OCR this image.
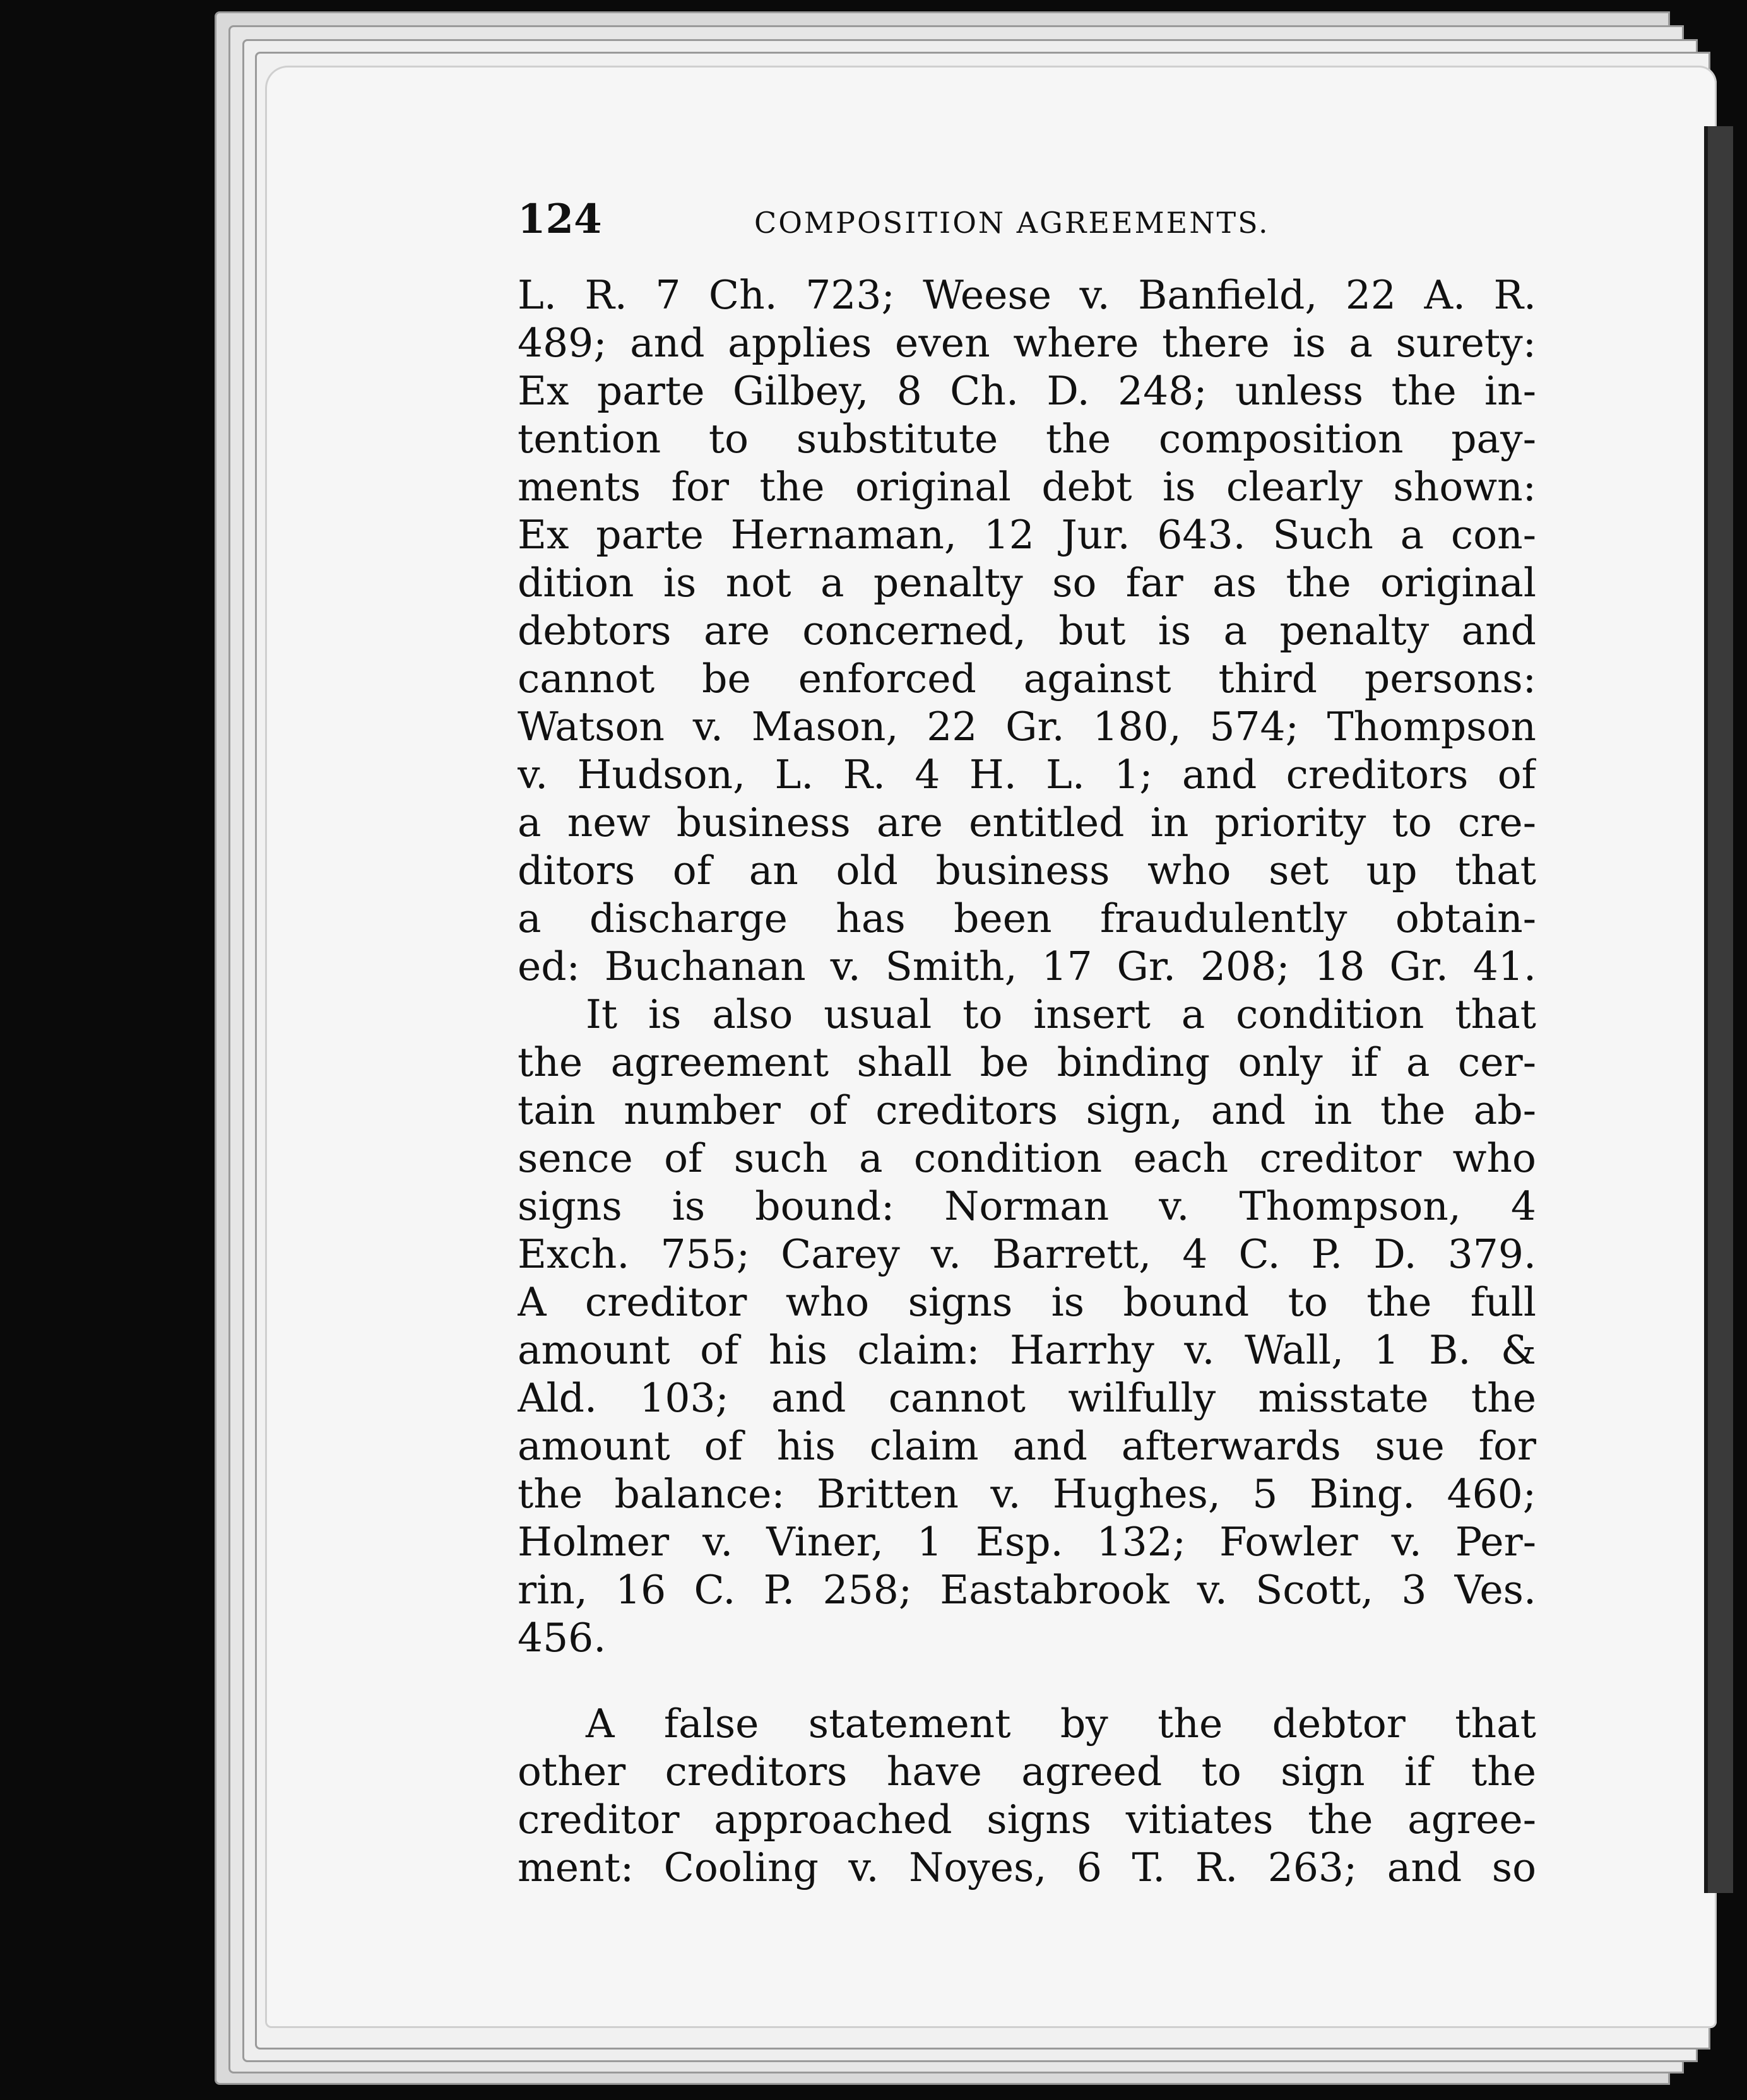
124	COMPOSITION AGREEMENTS.
L. R. 7 Ch. 723; Weese v. Banfield, 22 A. R.
489; and applies even where there is a surety:
Ex parte Gilbey, 8 Ch. D. 248; unless the in-
tention to substitute the composition pay-
ments for the original debt is clearly shown:
Ex parte Hernaman, 12 Jur. 643. Such a con-
dition is not a penalty so far as the original
debtors are concerned, but is a penalty and
cannot be enforced against third persons:
Watson v. Mason, 22 Gr. 180, 574; Thompson
v. Hudson, L. R. 4 H. L. 1; and creditors of
a new business are entitled in priority to cre-
ditors of an old business who set up that
a discharge has been fraudulently obtain-
ed: Buchanan v. Smith, 17 Gr. 208; 18 Gr. 41.
It is also usual to insert a condition that
the agreement shall be binding only if a cer-
tain number of creditors sign, and in the ab-
sence of such a condition each creditor who
signs is bound: Norman v. Thompson, 4
Exch. 755; Carey v. Barrett, 4 C. P. D. 379.
A creditor who signs is bound to the full
amount of his claim: Harrhy v. Wall, 1 B. &
Ald. 103; and cannot wilfully misstate the
amount of his claim and afterwards sue for
the balance: Britten v. Hughes, 5 Bing. 460;
Holmer v. Viner, 1 Esp. 132; Fowler v. Per-
rin, 16 C. P. 258; Eastabrook v. Scott, 3 Ves.
456.
A false statement by the debtor that
other creditors have agreed to sign if the
creditor approached signs vitiates the agree-
ment: Cooling v. Noyes, 6 T. R. 263; and so
